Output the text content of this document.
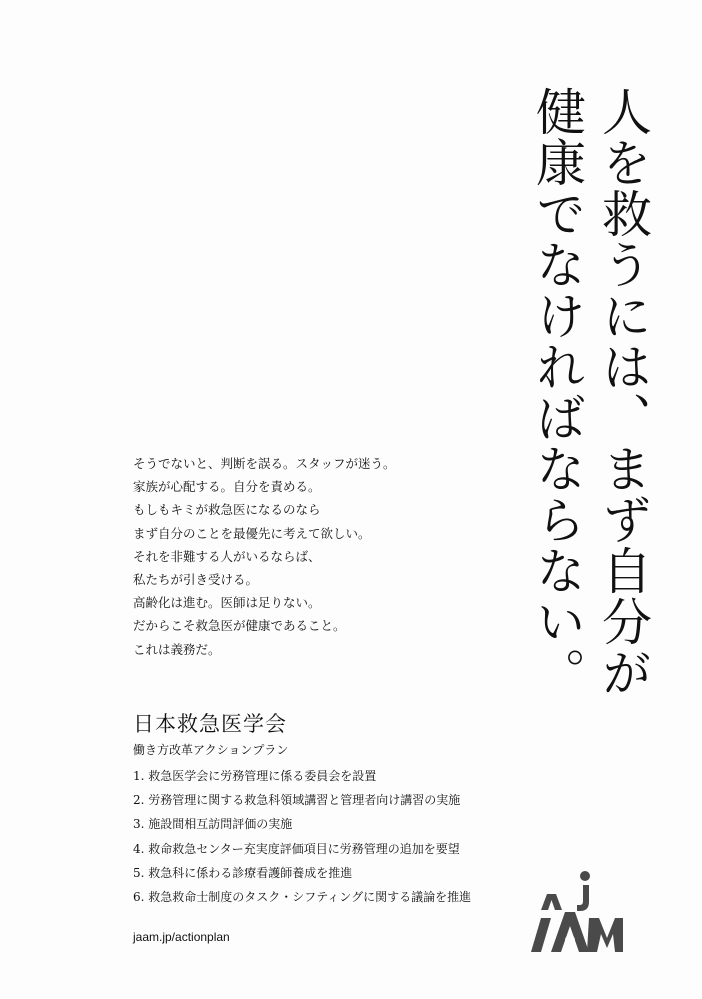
人を救うには、まず自分が
健康でなければならない。
そうでないと、判断を誤る。スタッフが迷う。
家族が心配する。自分を責める。
もしもキミが救急医になるのなら
まず自分のことを最優先に考えて欲しい。
それを非難する人がいるならば、
私たちが引き受ける。
高齢化は進む。医師は足りない。
だからこそ救急医が健康であること。
これは義務だ。
日本救急医学会
働き方改革アクションプラン
1. 救急医学会に労務管理に係る委員会を設置
2. 労務管理に関する救急科領域講習と管理者向け講習の実施
3. 施設間相互訪問評価の実施
4. 救命救急センター充実度評価項目に労務管理の追加を要望
5. 救急科に係わる診療看護師養成を推進
6. 救急救命士制度のタスク・シフティングに関する議論を推進
jaam.jp/actionplan
